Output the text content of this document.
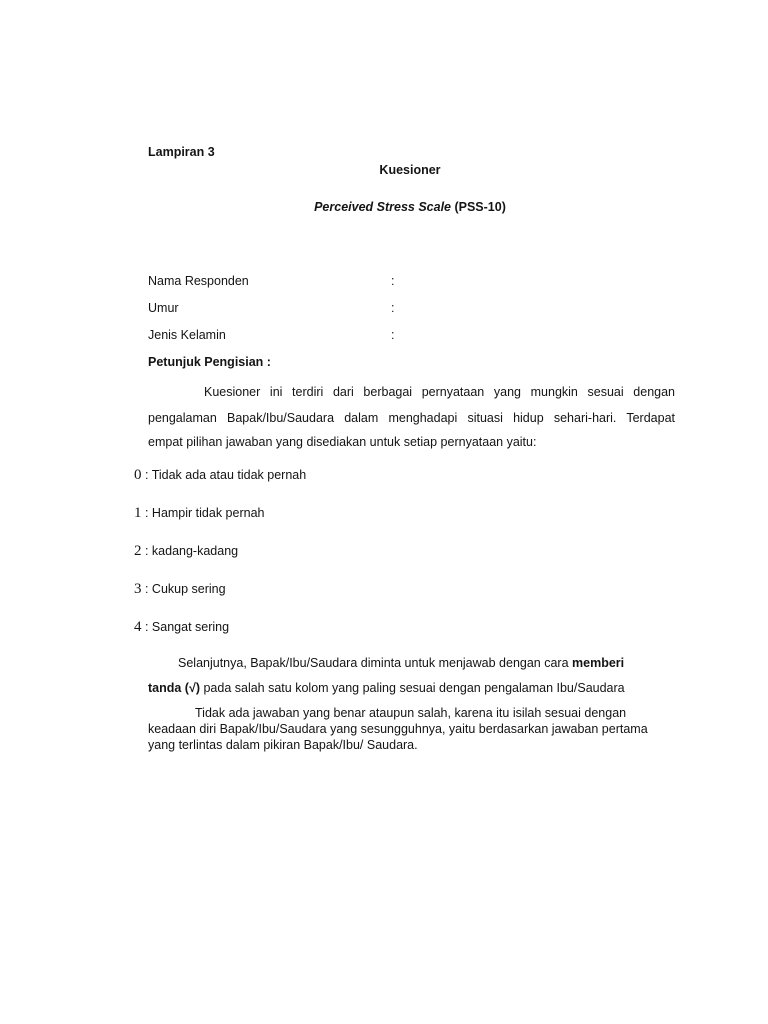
Lampiran 3
Kuesioner
Perceived Stress Scale (PSS-10)
Nama Responden	:
Umur	:
Jenis Kelamin	:
Petunjuk Pengisian :
Kuesioner ini terdiri dari berbagai pernyataan yang mungkin sesuai dengan
pengalaman Bapak/Ibu/Saudara dalam menghadapi situasi hidup sehari-hari. Terdapat
empat pilihan jawaban yang disediakan untuk setiap pernyataan yaitu:
0 : Tidak ada atau tidak pernah
1 : Hampir tidak pernah
2 : kadang-kadang
3 : Cukup sering
4 : Sangat sering
Selanjutnya, Bapak/Ibu/Saudara diminta untuk menjawab dengan cara memberi
tanda (√) pada salah satu kolom yang paling sesuai dengan pengalaman Ibu/Saudara
Tidak ada jawaban yang benar ataupun salah, karena itu isilah sesuai dengan
keadaan diri Bapak/Ibu/Saudara yang sesungguhnya, yaitu berdasarkan jawaban pertama
yang terlintas dalam pikiran Bapak/Ibu/ Saudara.
